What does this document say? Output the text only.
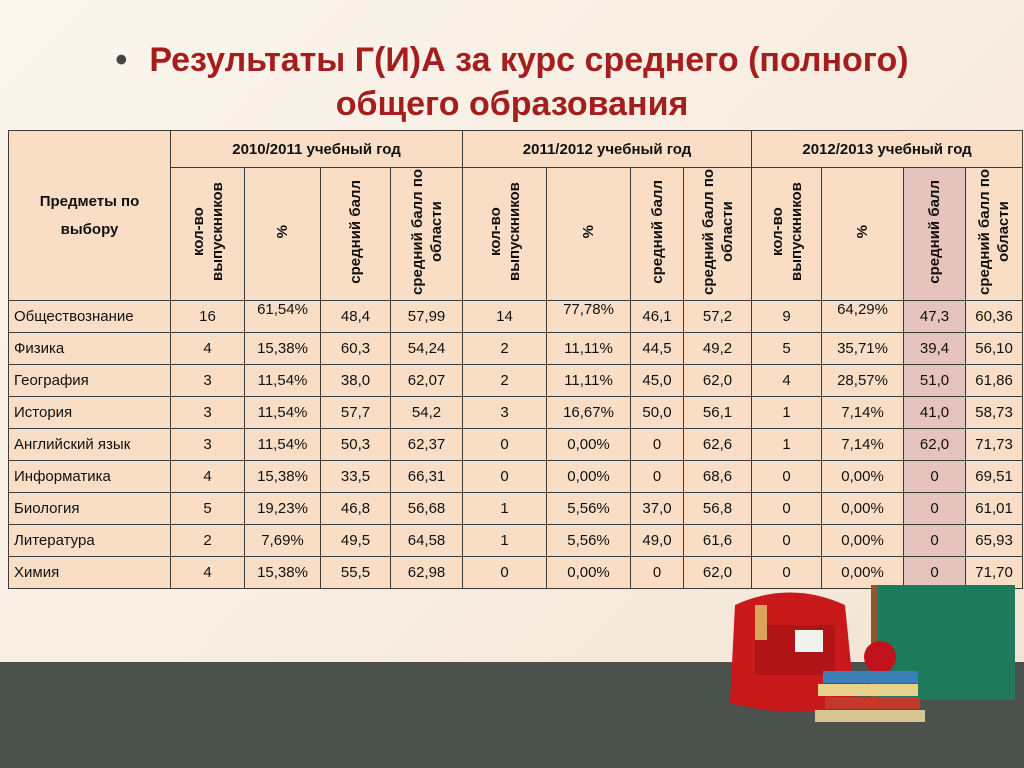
• Результаты Г(И)А за курс среднего (полного)
общего образования
Предметы по выбору	2010/2011 учебный год				2011/2012 учебный год				2012/2013 учебный год			
	кол-во выпускников	%	средний балл	средний балл по области	кол-во выпускников	%	средний балл	средний балл по области	кол-во выпускников	%	средний балл	средний балл по области
Обществознание	16	61,54%	48,4	57,99	14	77,78%	46,1	57,2	9	64,29%	47,3	60,36
Физика	4	15,38%	60,3	54,24	2	11,11%	44,5	49,2	5	35,71%	39,4	56,10
География	3	11,54%	38,0	62,07	2	11,11%	45,0	62,0	4	28,57%	51,0	61,86
История	3	11,54%	57,7	54,2	3	16,67%	50,0	56,1	1	7,14%	41,0	58,73
Английский язык	3	11,54%	50,3	62,37	0	0,00%	0	62,6	1	7,14%	62,0	71,73
Информатика	4	15,38%	33,5	66,31	0	0,00%	0	68,6	0	0,00%	0	69,51
Биология	5	19,23%	46,8	56,68	1	5,56%	37,0	56,8	0	0,00%	0	61,01
Литература	2	7,69%	49,5	64,58	1	5,56%	49,0	61,6	0	0,00%	0	65,93
Химия	4	15,38%	55,5	62,98	0	0,00%	0	62,0	0	0,00%	0	71,70
